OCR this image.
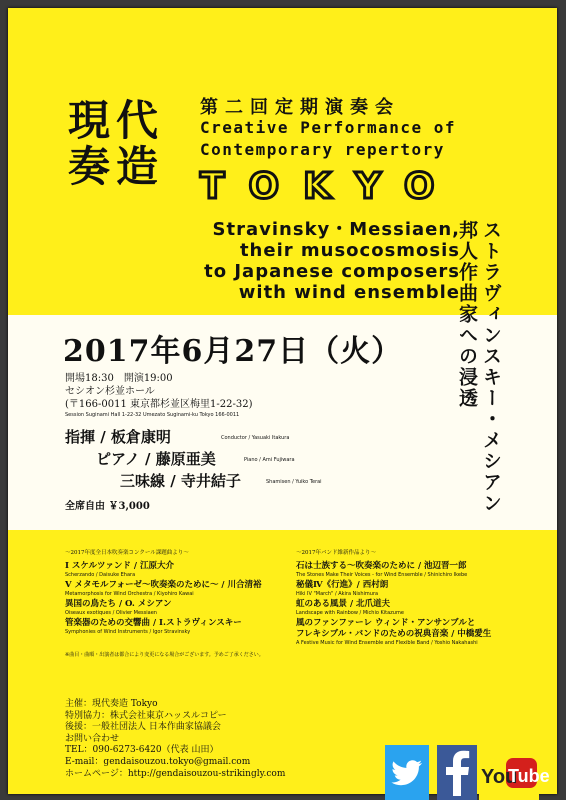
現代
奏造
第二回定期演奏会
Creative Performance of
Contemporary repertory
TOKYO
Stravinsky・Messiaen,
their musocosmosis
to Japanese composers
with wind ensemble ストラヴィンスキー・メシアン
邦人作曲家への浸透
2017年6月27日（火）
開場18:30　開演19:00
セシオン杉並ホール
(〒166-0011 東京都杉並区梅里1-22-32)
Session Suginami Hall 1-22-32 Umezato Suginami-ku Tokyo 166-0011
指揮 / 板倉康明	Conductor / Yasuaki Itakura
ピアノ / 藤原亜美	Piano / Ami Fujiwara
三味線 / 寺井結子	Shamisen / Yuiko Terai
全席自由 ￥3,000
〜2017年度全日本吹奏楽コンクール課題曲より〜
Ⅰ スケルツァンド / 江原大介
Scherzando / Daisuke Ehara
Ⅴ メタモルフォーゼ〜吹奏楽のために〜 / 川合清裕
Metamorphosis for Wind Orchestra / Kiyohiro Kawai
異国の鳥たち / O. メシアン
Oiseaux exotiques / Olivier Messiaen
管楽器のための交響曲 / I.ストラヴィンスキー
Symphonies of Wind Instruments / Igor Stravinsky
〜2017年バンド維新作品より〜
石は士族する〜吹奏楽のために / 池辺晋一郎
The Stones Make Their Voices - for Wind Ensemble / Shinichiro Ikebe
秘儀Ⅳ《行進》/ 西村朗
Hiki IV "March" / Akira Nishimura
虹のある風景 / 北爪道夫
Landscape with Rainbow / Michio Kitazume
風のファンファーレ ウィンド・アンサンブルと
フレキシブル・バンドのための祝典音楽 / 中橋愛生
A Festive Music for Wind Ensemble and Flexible Band / Yoshio Nakahashi
※曲目・曲順・出演者は都合により変更になる場合がございます。予めご了承ください。
主催：現代奏造 Tokyo
特別協力：株式会社東京ハッスルコピー
後援：一般社団法人 日本作曲家協議会
お問い合わせ
TEL：090-6273-6420（代表 山田）
E-mail：gendaisouzou.tokyo@gmail.com
ホームページ：http://gendaisouzou-strikingly.com	You
Tube
